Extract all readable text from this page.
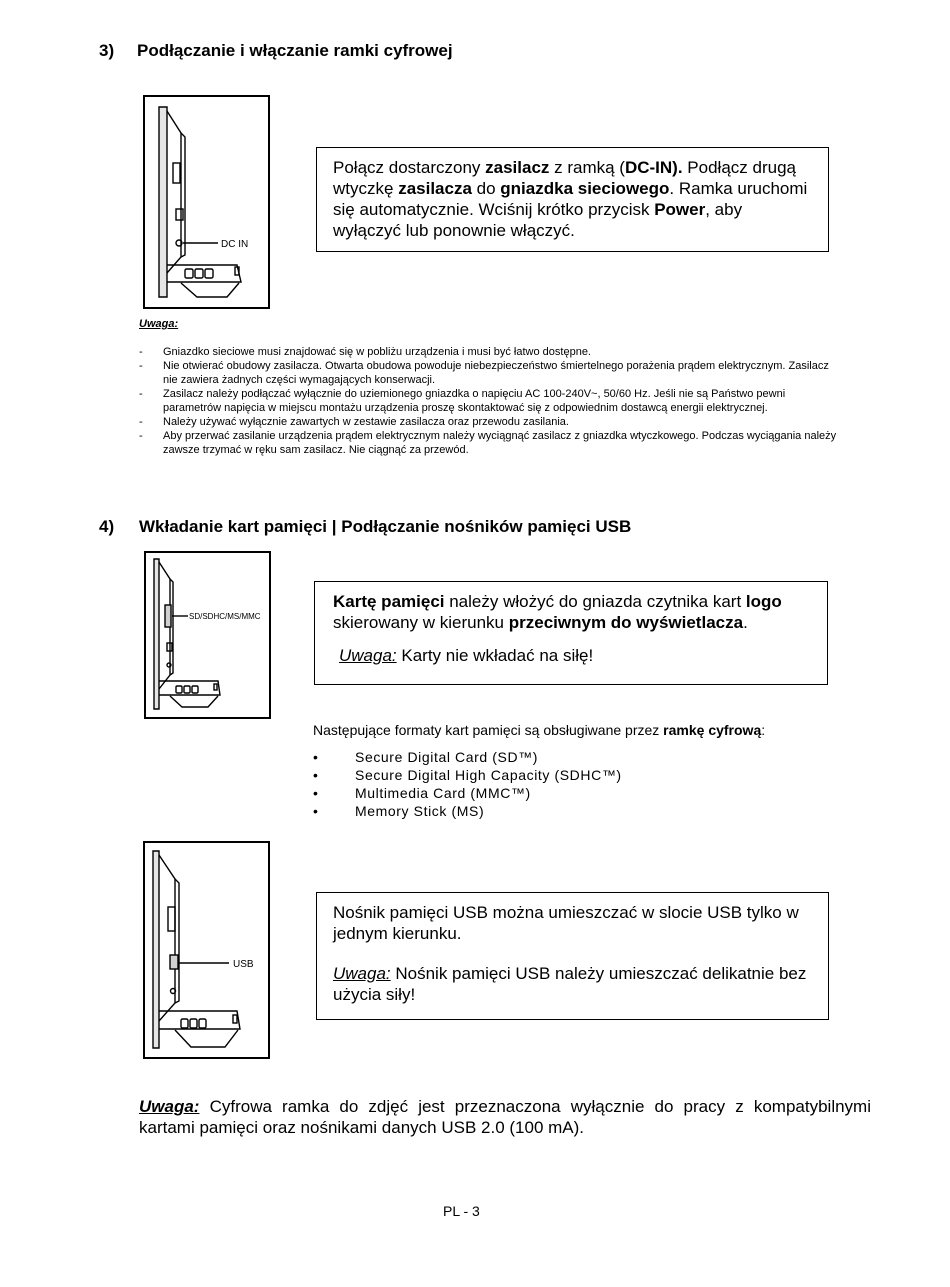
3) Podłączanie i włączanie ramki cyfrowej
DC IN

Połącz dostarczony zasilacz z ramką (DC-IN). Podłącz drugą wtyczkę zasilacza do gniazdka sieciowego. Ramka uruchomi się automatycznie. Wciśnij krótko przycisk Power, aby wyłączyć lub ponownie włączyć.

Uwaga:
- Gniazdko sieciowe musi znajdować się w pobliżu urządzenia i musi być łatwo dostępne.
- Nie otwierać obudowy zasilacza. Otwarta obudowa powoduje niebezpieczeństwo śmiertelnego porażenia prądem elektrycznym. Zasilacz nie zawiera żadnych części wymagających konserwacji.
- Zasilacz należy podłączać wyłącznie do uziemionego gniazdka o napięciu AC 100-240V~, 50/60 Hz. Jeśli nie są Państwo pewni parametrów napięcia w miejscu montażu urządzenia proszę skontaktować się z odpowiednim dostawcą energii elektrycznej.
- Należy używać wyłącznie zawartych w zestawie zasilacza oraz przewodu zasilania.
- Aby przerwać zasilanie urządzenia prądem elektrycznym należy wyciągnąć zasilacz z gniazdka wtyczkowego. Podczas wyciągania należy zawsze trzymać w ręku sam zasilacz. Nie ciągnąć za przewód.
4) Wkładanie kart pamięci | Podłączanie nośników pamięci USB
SD/SDHC/MS/MMC

Kartę pamięci należy włożyć do gniazda czytnika kart logo skierowany w kierunku przeciwnym do wyświetlacza.

Uwaga: Karty nie wkładać na siłę!

Następujące formaty kart pamięci są obsługiwane przez ramkę cyfrową:
•	Secure Digital Card (SD™)
•	Secure Digital High Capacity (SDHC™)
•	Multimedia Card (MMC™)
•	Memory Stick (MS)
USB

Nośnik pamięci USB można umieszczać w slocie USB tylko w jednym kierunku.

Uwaga: Nośnik pamięci USB należy umieszczać delikatnie bez użycia siły!

Uwaga: Cyfrowa ramka do zdjęć jest przeznaczona wyłącznie do pracy z kompatybilnymi kartami pamięci oraz nośnikami danych USB 2.0 (100 mA).
PL - 3
